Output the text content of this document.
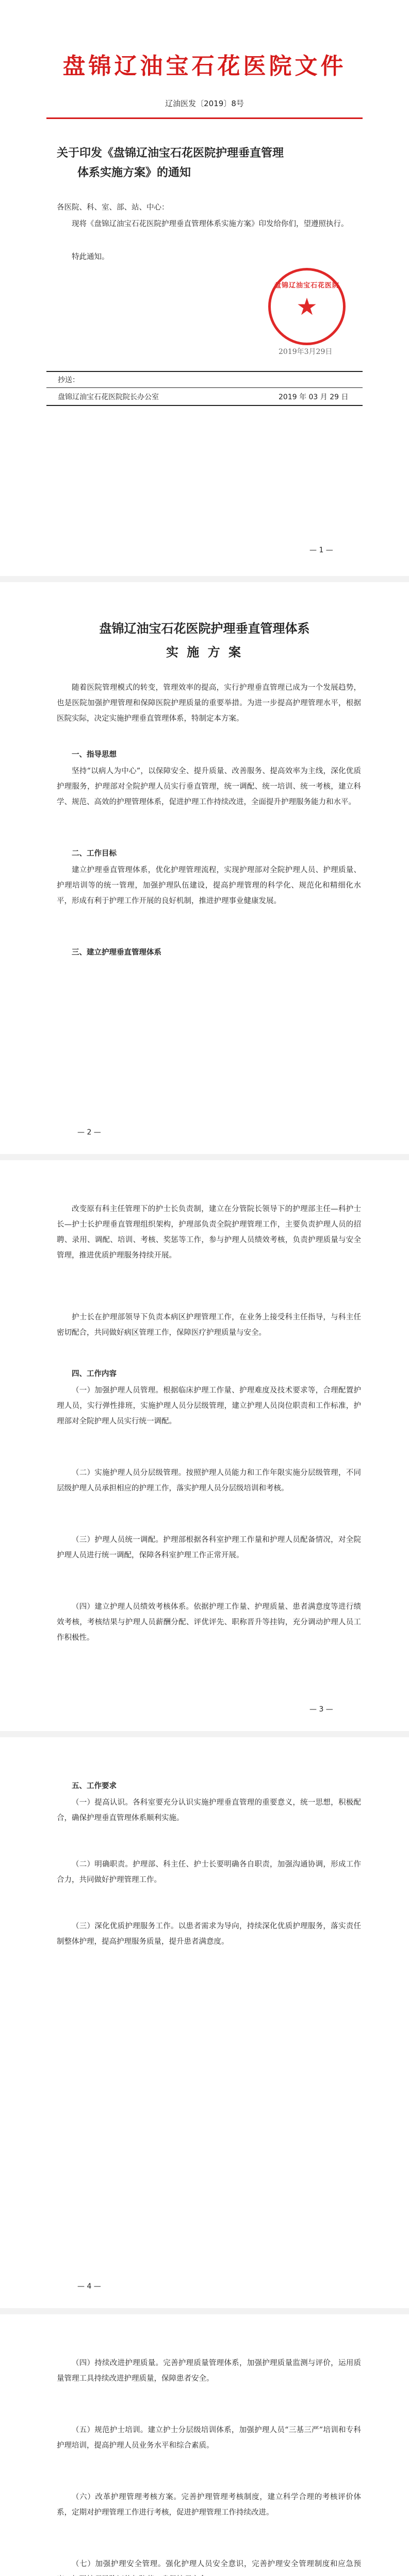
盘锦辽油宝石花医院文件
辽油医发〔2019〕8号
关于印发《盘锦辽油宝石花医院护理垂直管理
体系实施方案》的通知
各医院、科、室、部、站、中心：

现将《盘锦辽油宝石花医院护理垂直管理体系实施方案》印发给你们，望遵照执行。

特此通知。

盘锦辽油宝石花医院
★
2019年3月29日
抄送：
盘锦辽油宝石花医院院长办公室	2019 年 03 月 29 日
— 1 —
盘锦辽油宝石花医院护理垂直管理体系
实 施 方 案

随着医院管理模式的转变，管理效率的提高，实行护理垂直管理已成为一个发展趋势，也是医院加强护理管理和保障医院护理质量的重要举措。为进一步提高护理管理水平，根据医院实际，决定实施护理垂直管理体系，特制定本方案。

一、指导思想

坚持“以病人为中心”，以保障安全、提升质量、改善服务、提高效率为主线，深化优质护理服务，护理部对全院护理人员实行垂直管理，统一调配、统一培训、统一考核，建立科学、规范、高效的护理管理体系，促进护理工作持续改进，全面提升护理服务能力和水平。

二、工作目标

建立护理垂直管理体系，优化护理管理流程，实现护理部对全院护理人员、护理质量、护理培训等的统一管理，加强护理队伍建设，提高护理管理的科学化、规范化和精细化水平，形成有利于护理工作开展的良好机制，推进护理事业健康发展。

三、建立护理垂直管理体系
— 2 —

改变原有科主任管理下的护士长负责制，建立在分管院长领导下的护理部主任—科护士长—护士长护理垂直管理组织架构，护理部负责全院护理管理工作，主要负责护理人员的招聘、录用、调配、培训、考核、奖惩等工作，参与护理人员绩效考核，负责护理质量与安全管理，推进优质护理服务持续开展。

护士长在护理部领导下负责本病区护理管理工作，在业务上接受科主任指导，与科主任密切配合，共同做好病区管理工作，保障医疗护理质量与安全。

四、工作内容

（一）加强护理人员管理。根据临床护理工作量、护理难度及技术要求等，合理配置护理人员，实行弹性排班，实施护理人员分层级管理，建立护理人员岗位职责和工作标准，护理部对全院护理人员实行统一调配。

（二）实施护理人员分层级管理。按照护理人员能力和工作年限实施分层级管理，不同层级护理人员承担相应的护理工作，落实护理人员分层级培训和考核。

（三）护理人员统一调配。护理部根据各科室护理工作量和护理人员配备情况，对全院护理人员进行统一调配，保障各科室护理工作正常开展。

（四）建立护理人员绩效考核体系。依据护理工作量、护理质量、患者满意度等进行绩效考核，考核结果与护理人员薪酬分配、评优评先、职称晋升等挂钩，充分调动护理人员工作积极性。

— 3 —
五、工作要求

（一）提高认识。各科室要充分认识实施护理垂直管理的重要意义，统一思想，积极配合，确保护理垂直管理体系顺利实施。

（二）明确职责。护理部、科主任、护士长要明确各自职责，加强沟通协调，形成工作合力，共同做好护理管理工作。

（三）深化优质护理服务工作。以患者需求为导向，持续深化优质护理服务，落实责任制整体护理，提高护理服务质量，提升患者满意度。

— 4 —

（四）持续改进护理质量。完善护理质量管理体系，加强护理质量监测与评价，运用质量管理工具持续改进护理质量，保障患者安全。

（五）规范护士培训。建立护士分层级培训体系，加强护理人员“三基三严”培训和专科护理培训，提高护理人员业务水平和综合素质。

（六）改革护理管理考核方案。完善护理管理考核制度，建立科学合理的考核评价体系，定期对护理管理工作进行考核，促进护理管理工作持续改进。

（七）加强护理安全管理。强化护理人员安全意识，完善护理安全管理制度和应急预
